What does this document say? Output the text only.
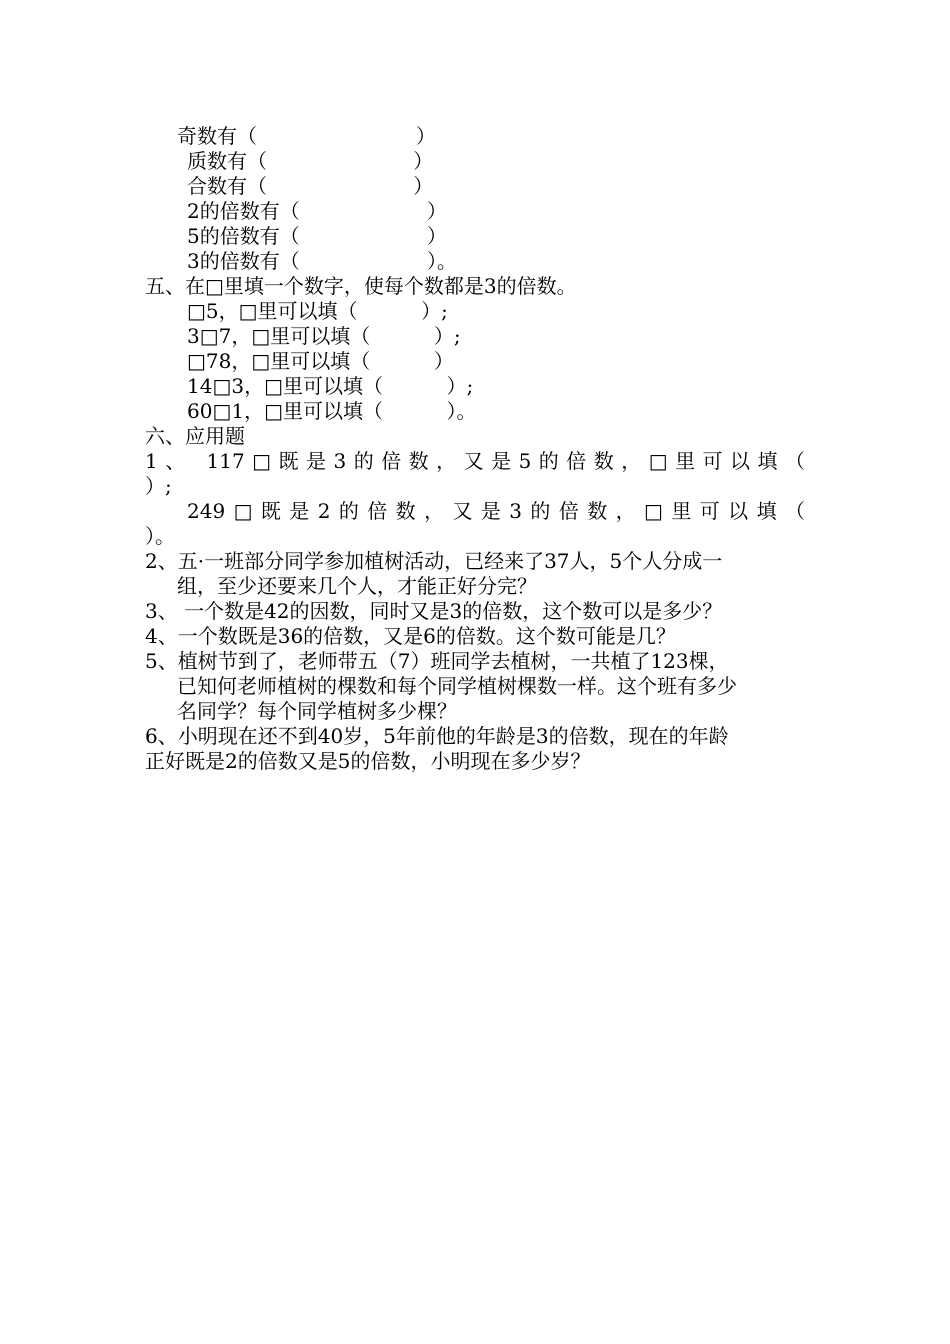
奇数有（                         ）

质数有（                       ）

合数有（                       ）

2的倍数有（                    ）

5的倍数有（                    ）

3的倍数有（                    ）。

五、在□里填一个数字，使每个数都是3的倍数。

□5，□里可以填（          ）;

3□7，□里可以填（          ）;

□78，□里可以填（          ）

14□3，□里可以填（          ）;

60□1，□里可以填（          ）。

六、应用题

1、 117□既是3的倍数，又是5的倍数，□里可以填（

）;

249□既是2的倍数，又是3的倍数，□里可以填（

）。

2、五·一班部分同学参加植树活动，已经来了37人，5个人分成一

组，至少还要来几个人，才能正好分完？

3、 一个数是42的因数，同时又是3的倍数，这个数可以是多少？

4、一个数既是36的倍数，又是6的倍数。这个数可能是几？

5、植树节到了，老师带五（7）班同学去植树，一共植了123棵，

已知何老师植树的棵数和每个同学植树棵数一样。这个班有多少

名同学？每个同学植树多少棵？

6、小明现在还不到40岁，5年前他的年龄是3的倍数，现在的年龄

正好既是2的倍数又是5的倍数，小明现在多少岁？
